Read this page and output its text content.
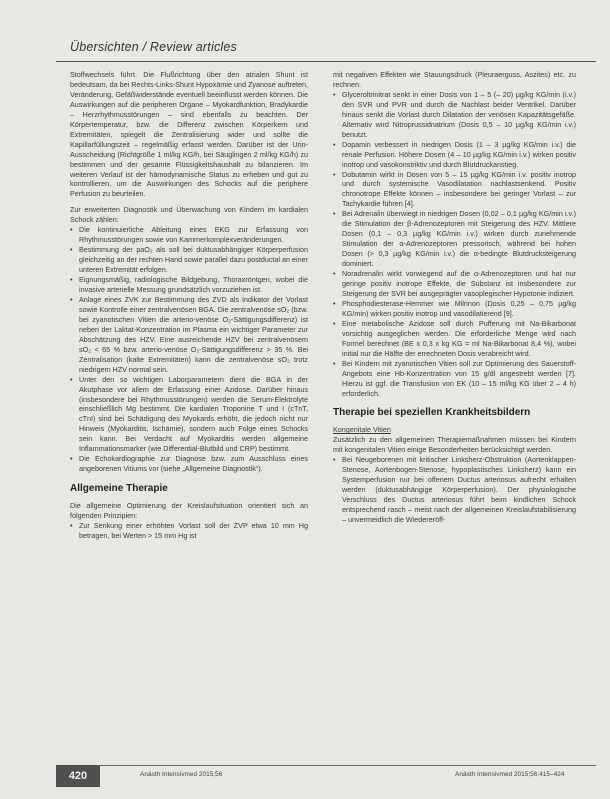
Übersichten / Review articles

Stoffwechsels führt. Die Flußrichtung über den atrialen Shunt ist bedeutsam, da bei Rechts-Links-Shunt Hypoxämie und Zyanose auftreten, Veränderung, Gefäßwiderstände eventuell beeinflusst werden können. Die Auswirkungen auf die peripheren Organe – Myokardfunktion, Bradykardie – Herzrhythmusstörungen – sind ebenfalls zu beachten. Der Körpertemperatur, bzw. die Differenz zwischen Körperkern und Extremitäten, spiegelt die Zentralisierung wider und sollte die Kapillarfüllungszeit – regelmäßig erfasst werden. Darüber ist der Urin-Ausscheidung (Richtgröße 1 ml/kg KG/h, bei Säuglingen 2 ml/kg KG/h) zu bestimmen und der gesamte Flüssigkeitshaushalt zu bilanzieren. Im weiteren Verlauf ist der hämodynamische Status zu erheben und gut zu kontrollieren, um die Auswirkungen des Schocks auf die periphere Perfusion zu beurteilen.

Zur erweiterten Diagnostik und Überwachung von Kindern im kardialen Schock zählen:

• Die kontinuierliche Ableitung eines EKG zur Erfassung von Rhythmusstörungen sowie von Kammerkomplexveränderungen.
• Bestimmung der paO₂ als soll bei duktusabhängiger Körperperfusion gleichzeitig an der rechten Hand sowie parallel dazu postductal an einer unteren Extremität erfolgen.
• Eignungsmäßig, radiologische Bildgebung, Thoraxröntgen, wobei die invasive arterielle Messung grundsätzlich vorzuziehen ist.
• Anlage eines ZVK zur Bestimmung des ZVD als Indikator der Vorlast sowie Kontrolle einer zentralvenösen BGA. Die zentralvenöse sO₂ (bzw. bei zyanotischen Vitien die arterio-venöse O₂-Sättigungsdifferenz) ist neben der Laktat-Konzentration im Plasma ein wichtiger Parameter zur Abschätzung des HZV. Eine ausreichende HZV bei zentralvenösem sO₂ < 65 % bzw. arterio-venöse O₂-Sättigungsdifferenz > 35 %. Bei Zentralisation (kalte Extremitäten) kann die zentralvenöse sO₂ trotz niedrigem HZV normal sein.
• Unter den so wichtigen Laborparametern dient die BGA in der Akutphase vor allem der Erfassung einer Azidose. Darüber hinaus (insbesondere bei Rhythmusstörungen) werden die Serum-Elektrolyte einschließlich Mg bestimmt. Die kardialen Troponine T und I (cTnT, cTnI) sind bei Schädigung des Myokards erhöht, die jedoch nicht nur Hinweis (Myokarditis, Ischämie), sondern auch Folge eines Schocks sein kann. Bei Verdacht auf Myokarditis werden allgemeine Inflammationsmarker (wie Differential-Blutbild und CRP) bestimmt.
• Die Echokardiographie zur Diagnose bzw. zum Ausschluss eines angeborenen Vitiums vor (siehe „Allgemeine Diagnostik“).
Allgemeine Therapie

Die allgemeine Optimierung der Kreislaufsituation orientiert sich an folgenden Prinzipien:

• Zur Senkung einer erhöhten Vorlast soll der ZVP etwa 10 mm Hg betragen, bei Werten > 15 mm Hg ist

mit negativen Effekten wie Stauungsdruck (Pleuraerguss, Aszites) etc. zu rechnen.

• Glyceroltrinitrat senkt in einer Dosis von 1 – 5 (– 20) µg/kg KG/min (i.v.) den SVR und PVR und durch die Nachlast beider Ventrikel. Darüber hinaus senkt die Vorlast durch Dilatation der venösen Kapazitätsgefäße. Alternativ wird Nitroprussidnatrium (Dosis 0,5 – 10 µg/kg KG/min i.v.) benutzt.
• Dopamin verbessert in niedrigen Dosis (1 – 3 µg/kg KG/min i.v.) die renale Perfusion. Höhere Dosen (4 – 10 µg/kg KG/min i.v.) wirken positiv inotrop und vasokonstriktiv und durch Blutdruckanstieg.
• Dobutamin wirkt in Dosen von 5 – 15 µg/kg KG/min i.v. positiv inotrop und durch systemische Vasodilatation nachlastsenkend. Positiv chronotrope Effekte können – insbesondere bei geringer Vorlast – zur Tachykardie führen [4].
• Bei Adrenalin überwiegt in niedrigen Dosen (0,02 – 0,1 µg/kg KG/min i.v.) die Stimulation der β-Adrenozeptoren mit Steigerung des HZV. Mittlere Dosen (0,1 – 0,3 µg/kg KG/min i.v.) wirken durch zunehmende Stimulation der α-Adrenozeptoren pressorisch, während bei hohen Dosen (> 0,3 µg/kg KG/min i.v.) die α-bedingte Blutdrucksteigerung dominiert.
• Noradrenalin wirkt vorwiegend auf die α-Adrenozeptoren und hat nur geringe positiv inotrope Effekte, die Substanz ist insbesondere zur Steigerung der SVR bei ausgeprägter vasoplegischer Hypotonie indiziert.
• Phosphodiesterase-Hemmer wie Milrinon (Dosis 0,25 – 0,75 µg/kg KG/min) wirken positiv inotrop und vasodilatierend [9].
• Eine metabolische Azidose soll durch Pufferung mit Na-Bikarbonat vorsichtig ausgeglichen werden. Die erforderliche Menge wird nach Formel berechnet (BE x 0,3 x kg KG = ml Na-Bikarbonat 8,4 %), wobei initial nur die Hälfte der errechneten Dosis verabreicht wird.
• Bei Kindern mit zyanotischen Vitien soll zur Optimierung des Sauerstoff-Angebots eine Hb-Konzentration von 15 g/dl angestrebt werden [7]. Hierzu ist ggf. die Transfusion von EK (10 – 15 ml/kg KG über 2 – 4 h) erforderlich.
Therapie bei speziellen Krankheitsbildern

Kongenitale Vitien

Zusätzlich zu den allgemeinen Therapiemaßnahmen müssen bei Kindern mit kongenitalen Vitien einige Besonderheiten berücksichtigt werden.

• Bei Neugeborenen mit kritischer Linksherz-Obstruktion (Aortenklappen-Stenose, Aortenbogen-Stenose, hypoplastisches Linksherz) kann ein Systemperfusion nur bei offenem Ductus arteriosus aufrecht erhalten werden (duktusabhängige Körperperfusion). Der physiologische Verschluss des Ductus arteriosus führt beim kindlichen Schock entsprechend rasch – meist nach der allgemeinen Kreislaufstabilisierung – unvermeidlich die Wiedereröff-
420	Anästh Intensivmed 2015;56	Anästh Intensivmed 2015;56:415–424
